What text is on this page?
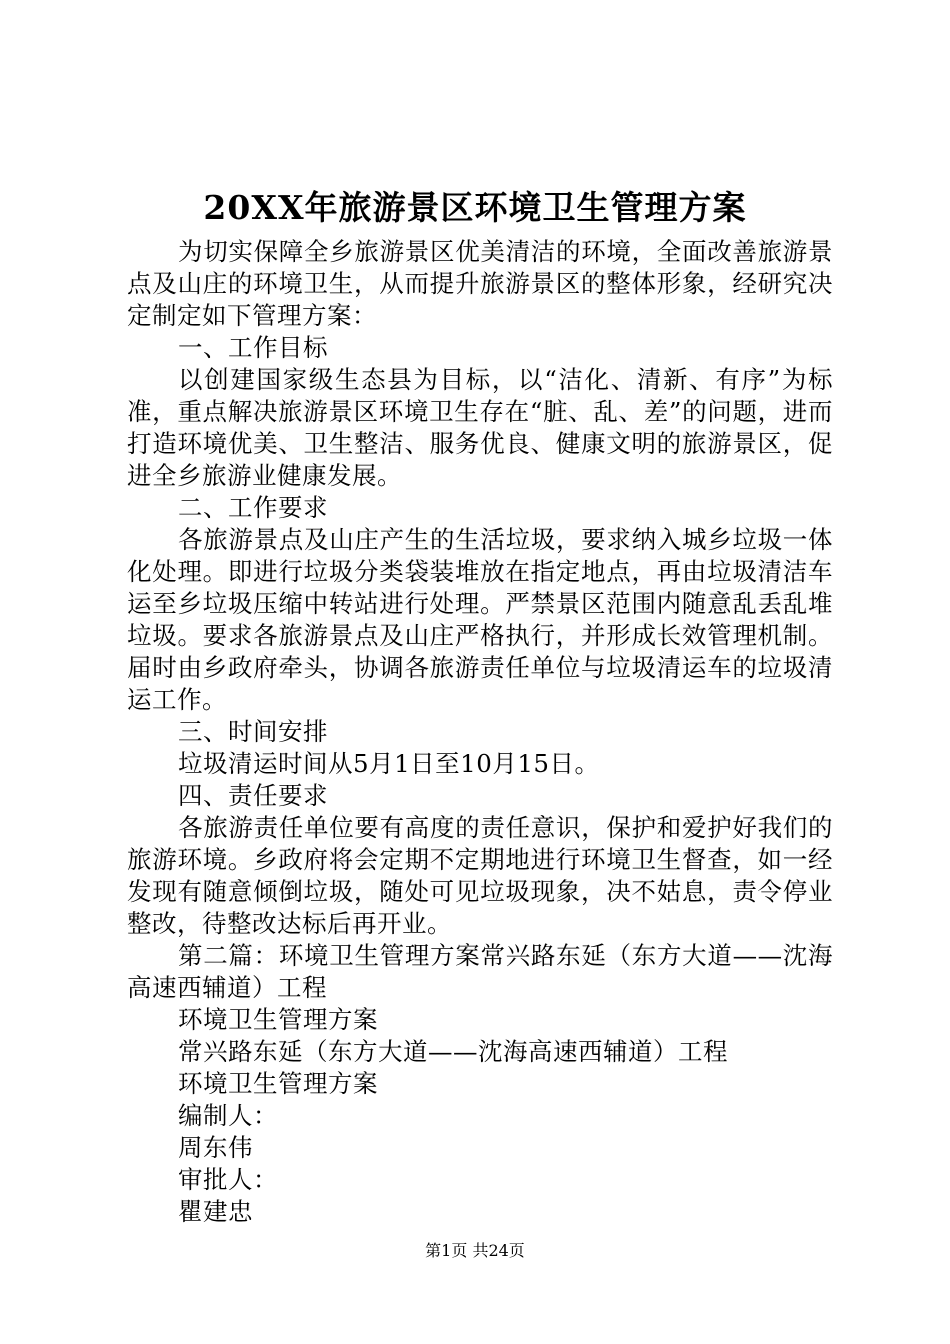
20XX年旅游景区环境卫生管理方案

为切实保障全乡旅游景区优美清洁的环境，全面改善旅游景点及山庄的环境卫生，从而提升旅游景区的整体形象，经研究决定制定如下管理方案：

一、工作目标

以创建国家级生态县为目标，以“洁化、清新、有序”为标准，重点解决旅游景区环境卫生存在“脏、乱、差”的问题，进而打造环境优美、卫生整洁、服务优良、健康文明的旅游景区，促进全乡旅游业健康发展。

二、工作要求

各旅游景点及山庄产生的生活垃圾，要求纳入城乡垃圾一体化处理。即进行垃圾分类袋装堆放在指定地点，再由垃圾清洁车运至乡垃圾压缩中转站进行处理。严禁景区范围内随意乱丢乱堆垃圾。要求各旅游景点及山庄严格执行，并形成长效管理机制。届时由乡政府牵头，协调各旅游责任单位与垃圾清运车的垃圾清运工作。

三、时间安排

垃圾清运时间从5月1日至10月15日。

四、责任要求

各旅游责任单位要有高度的责任意识，保护和爱护好我们的旅游环境。乡政府将会定期不定期地进行环境卫生督查，如一经发现有随意倾倒垃圾，随处可见垃圾现象，决不姑息，责令停业整改，待整改达标后再开业。

第二篇：环境卫生管理方案常兴路东延（东方大道——沈海高速西辅道）工程

环境卫生管理方案

常兴路东延（东方大道——沈海高速西辅道）工程

环境卫生管理方案

编制人：

周东伟

审批人：

瞿建忠

第1页 共24页
